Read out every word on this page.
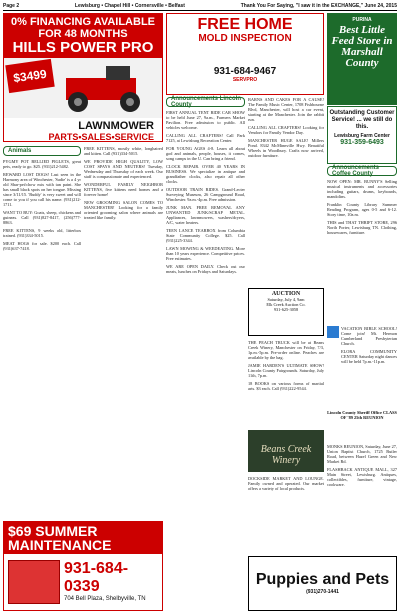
Page 2	Lewisburg • Chapel Hill • Cornersville • Belfast	Thank You For Saying, "I saw it in the EXCHANGE," June 24, 2015
0% FINANCING AVAILABLE FOR 48 MONTHS
HILLS POWER PRO
$3499
LAWNMOWER
PARTS•SALES•SERVICE
FREE HOME
MOLD INSPECTION
931-684-9467
SERVPRO
PURINA
Best Little Feed Store in Marshall County
Outstanding Customer Service! ... we still do this.
Lewisburg Farm Center
931-359-6493
Animals

PYGMY POT BELLIED PIGLETS, great pets, ready to go. $25. (931)212-5482.

REWARD LOST DOGS! Last seen in the Harmony area of Winchester, 'Sadie' is a 4 yr old Shar-pei/chow mix with tan paint. She has small black spots on her tongue. Missing since 3/11/15. 'Buddy' is very sweet and will come to you if you call his name. (931)212-1711.

WANT TO BUY: Goats, sheep, chickens and guineas. Call (931)827-8417, (256)777-8863.

FREE KITTENS, 9 weeks old, litterbox trained. (931)334-5015.

MEAT HOGS for sale. $200 each. Call (931)637-7418.

FREE KITTENS, mostly white, longhaired and kitten. Call (931)334-5015.

WE PROVIDE HIGH QUALITY, LOW COST SPAYS AND NEUTERS! Tuesday, Wednesday and Thursday of each week. Our staff is compassionate and experienced.

WONDERFUL FAMILY NEIGHBOR KITTENS, five kittens need homes and a forever home!

NEW GROOMING SALON COMES TO MANCHESTER! Looking for a family oriented grooming salon where animals are treated like family.

Announcements Lincoln County

FIRST ANNUAL TENT RIDE CAR SHOW to be held June 27, 9a.m., Farmers Market Pavilion. Free admission to public. All vehicles welcome.

CALLING ALL CRAFTERS! Call Park 7125, at Lewisburg Recreation Center.

FOR YOUNG AGES 4-8. Learn all about god and animals, people, houses, it comes, song camps in the U. Can bring a friend.

CLOCK REPAIR. OVER 40 YEARS IN BUSINESS. We specialize in antique and grandfather clocks, also repair all other clocks.

OUTDOOR TRAIN RIDES. Grand-Lecter Surveying Museum, 26 Campground Road, Winchester. 9a.m.-4p.m. Free admission.

JUNK MAN. FREE REMOVAL ANY UNWANTED JUNK/SCRAP METAL. Appliances, lawnmowers, washers/dryers, A/C, water heaters.

TEEN LANCE TEARBOX from Columbia State Community College. $25. Call (931)225-3344.

LAWN MOWING & WEEDEATING. More than 10 years experience. Competitive prices. Free estimates.

WE ARE OPEN DAILY. Check out our meats, lunches on Fridays and Saturdays.

BARNS AND CAKES FOR A CAUSE! The Family Music Center, 1708 Fishbourne Blvd, Manchester, will host a car event, starting at the Manchester. Join the rabbit run.

CALLING ALL CRAFTERS! Looking for Vendors for Family Vendor Day.

MANCHESTER HUGE SALE! Millers Pond. 8342 McMinnville Hwy. Beautiful Wheels in Woodbury. Crafts now arrived, outdoor furniture.

AUCTION
Saturday, July 4, 9am
Elk Creek Auction Co.
931-625-3058

THE PEACH TRUCK will be at Beans Creek Winery, Manchester on Friday, 7/3, 1p.m.-5p.m. Pre-order online. Peaches are available by the bag.

JAMIE HARDEN'S ULTIMATE SHOW! Lincoln County Fairgrounds. Saturday, July 11th, 7p.m.

18 BOOKS on various forms of martial arts. $3 each. Call (931)222-9544.

Beans Creek Winery

DOCKSIDE MARKET AND LOUNGE. Family owned and operated. Our market offers a variety of local products.

Announcements Coffee County

NOW OPEN: MR. BUNNY'S Selling musical instruments and accessories including guitars, drums, keyboards, mandolins.

Franklin County Library Summer Reading Program, ages 0-5 and 6-12. Story time, 10a.m.

THIS and THAT THRIFT STORE, 296 North Porter, Lewisburg TN. Clothing, housewares, furniture.

VACATION BIBLE SCHOOL! Come join! Mt. Hermon Cumberland Presbyterian Church.

ELORA COMMUNITY CENTER Saturday night dances will be held 7p.m.-11p.m.

Lincoln County Sheriff Office CLASS OF '89 25th REUNION

MONKS REUNION, Saturday, June 27, Union Baptist Church, 1725 Butler Road, between Hazel Green and New Market Rd.

FLASHBACK ANTIQUE MALL, 327 Main Street, Lewisburg. Antiques, collectibles, furniture, vintage, cookware.

Puppies and Pets
(931)270-1441
$69 SUMMER
MAINTENANCE
931-684-0339
704 Bell Plaza, Shelbyville, TN
